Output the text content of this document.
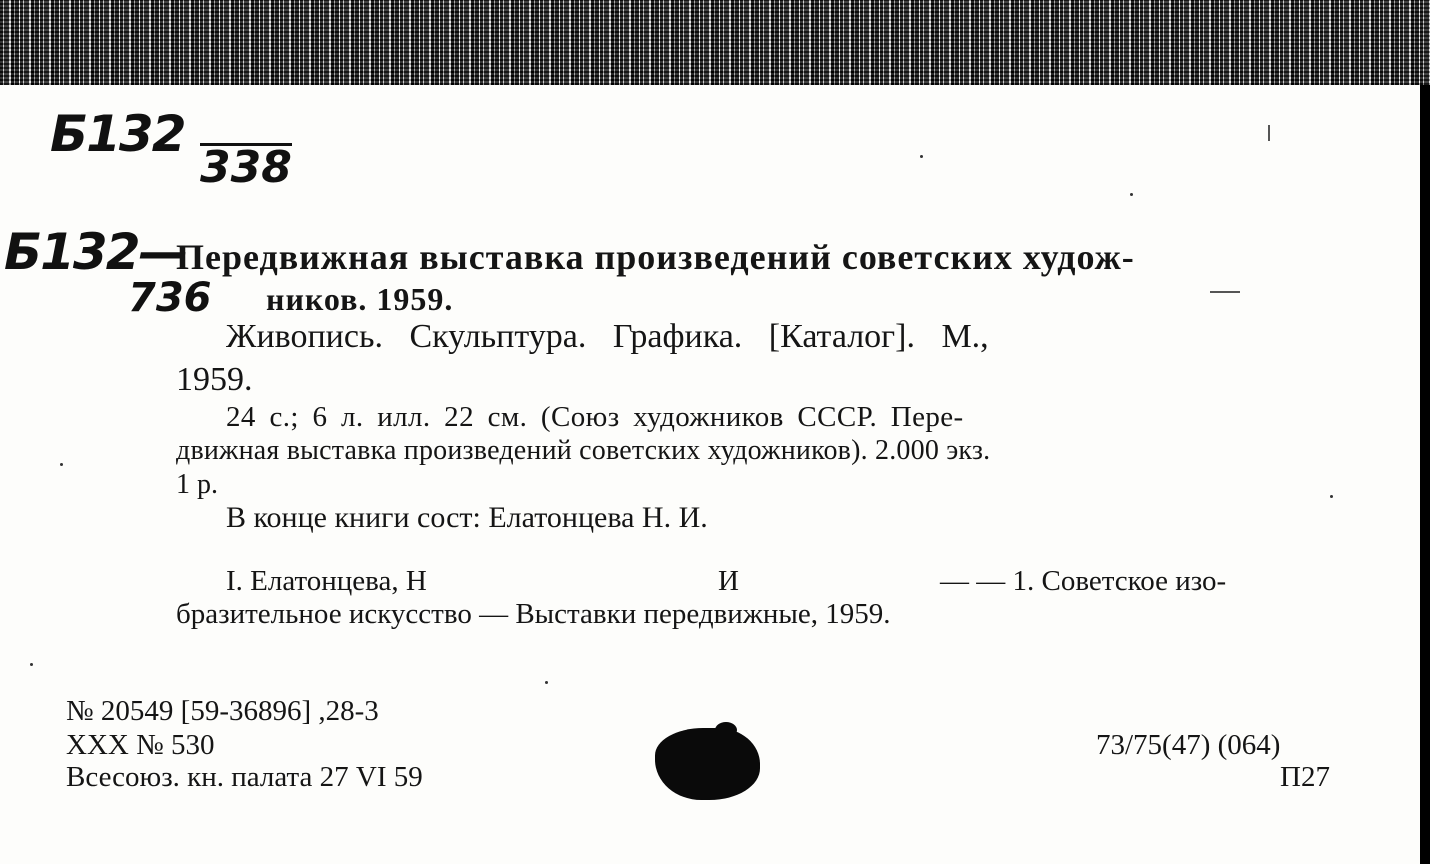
Б132
338
Б132—
736
Передвижная выставка произведений советских худож-
ников. 1959.
Живопись. Скульптура. Графика. [Каталог]. М.,
1959.
24 с.; 6 л. илл. 22 см. (Союз художников СССР. Пере-
движная выставка произведений советских художников). 2.000 экз.
1 р.
В конце книги сост: Елатонцева Н. И.
I. Елатонцева, Н	И	— — 1. Советское изо-
бразительное искусство — Выставки передвижные, 1959.
№ 20549 [59-36896] ,28-3
XXX № 530
Всесоюз. кн. палата 27 VI 59
73/75(47) (064)
П27
